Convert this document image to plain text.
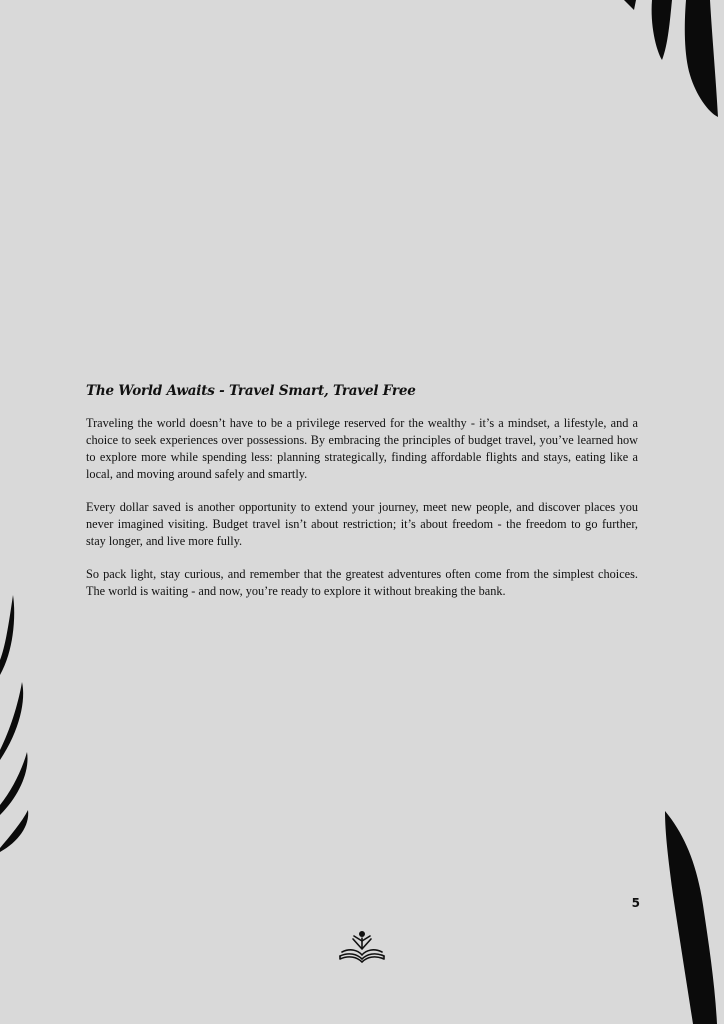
The World Awaits - Travel Smart, Travel Free

Traveling the world doesn’t have to be a privilege reserved for the wealthy - it’s a mindset, a lifestyle, and a choice to seek experiences over possessions. By embracing the principles of budget travel, you’ve learned how to explore more while spending less: planning strategically, finding affordable flights and stays, eating like a local, and moving around safely and smartly.

Every dollar saved is another opportunity to extend your journey, meet new people, and discover places you never imagined visiting. Budget travel isn’t about restriction; it’s about freedom - the freedom to go further, stay longer, and live more fully.

So pack light, stay curious, and remember that the greatest adventures often come from the simplest choices. The world is waiting - and now, you’re ready to explore it without breaking the bank.

5
